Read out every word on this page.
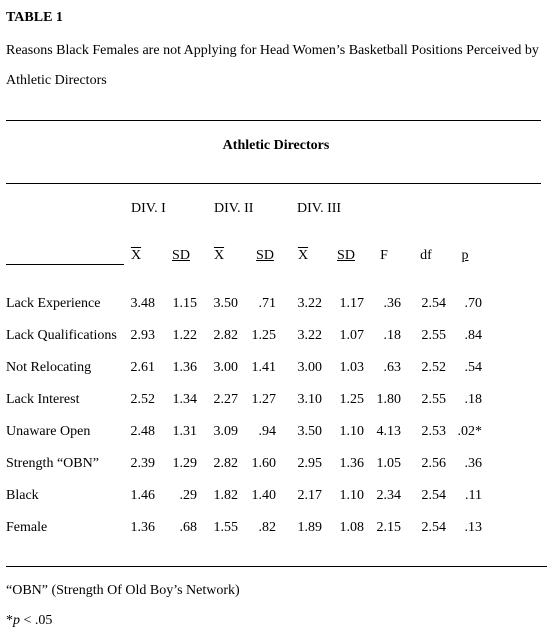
TABLE 1
Reasons Black Females are not Applying for Head Women’s Basketball Positions Perceived by
Athletic Directors
Athletic Directors
DIV. I	DIV. II	DIV. III
$\overline{X}$	SD	$\overline{X}$	SD	$\overline{X}$	SD	F	df	p
Lack Experience	3.48	1.15	3.50	.71	3.22	1.17	.36	2.54	.70
Lack Qualifications 2.93	1.22	2.82 1.25	3.22	1.07	.18	2.55	.84
Not Relocating	2.61	1.36	3.00 1.41	3.00	1.03	.63	2.52	.54
Lack Interest	2.52	1.34	2.27 1.27	3.10	1.25 1.80	2.55	.18
Unaware Open	2.48	1.31	3.09	.94	3.50	1.10 4.13	2.53 .02*
Strength “OBN”	2.39	1.29	2.82 1.60	2.95	1.36 1.05	2.56	.36
Black	1.46	.29	1.82 1.40	2.17	1.10 2.34	2.54	.11
Female	1.36	.68	1.55	.82	1.89	1.08 2.15	2.54	.13
“OBN” (Strength Of Old Boy’s Network)
*p < .05
